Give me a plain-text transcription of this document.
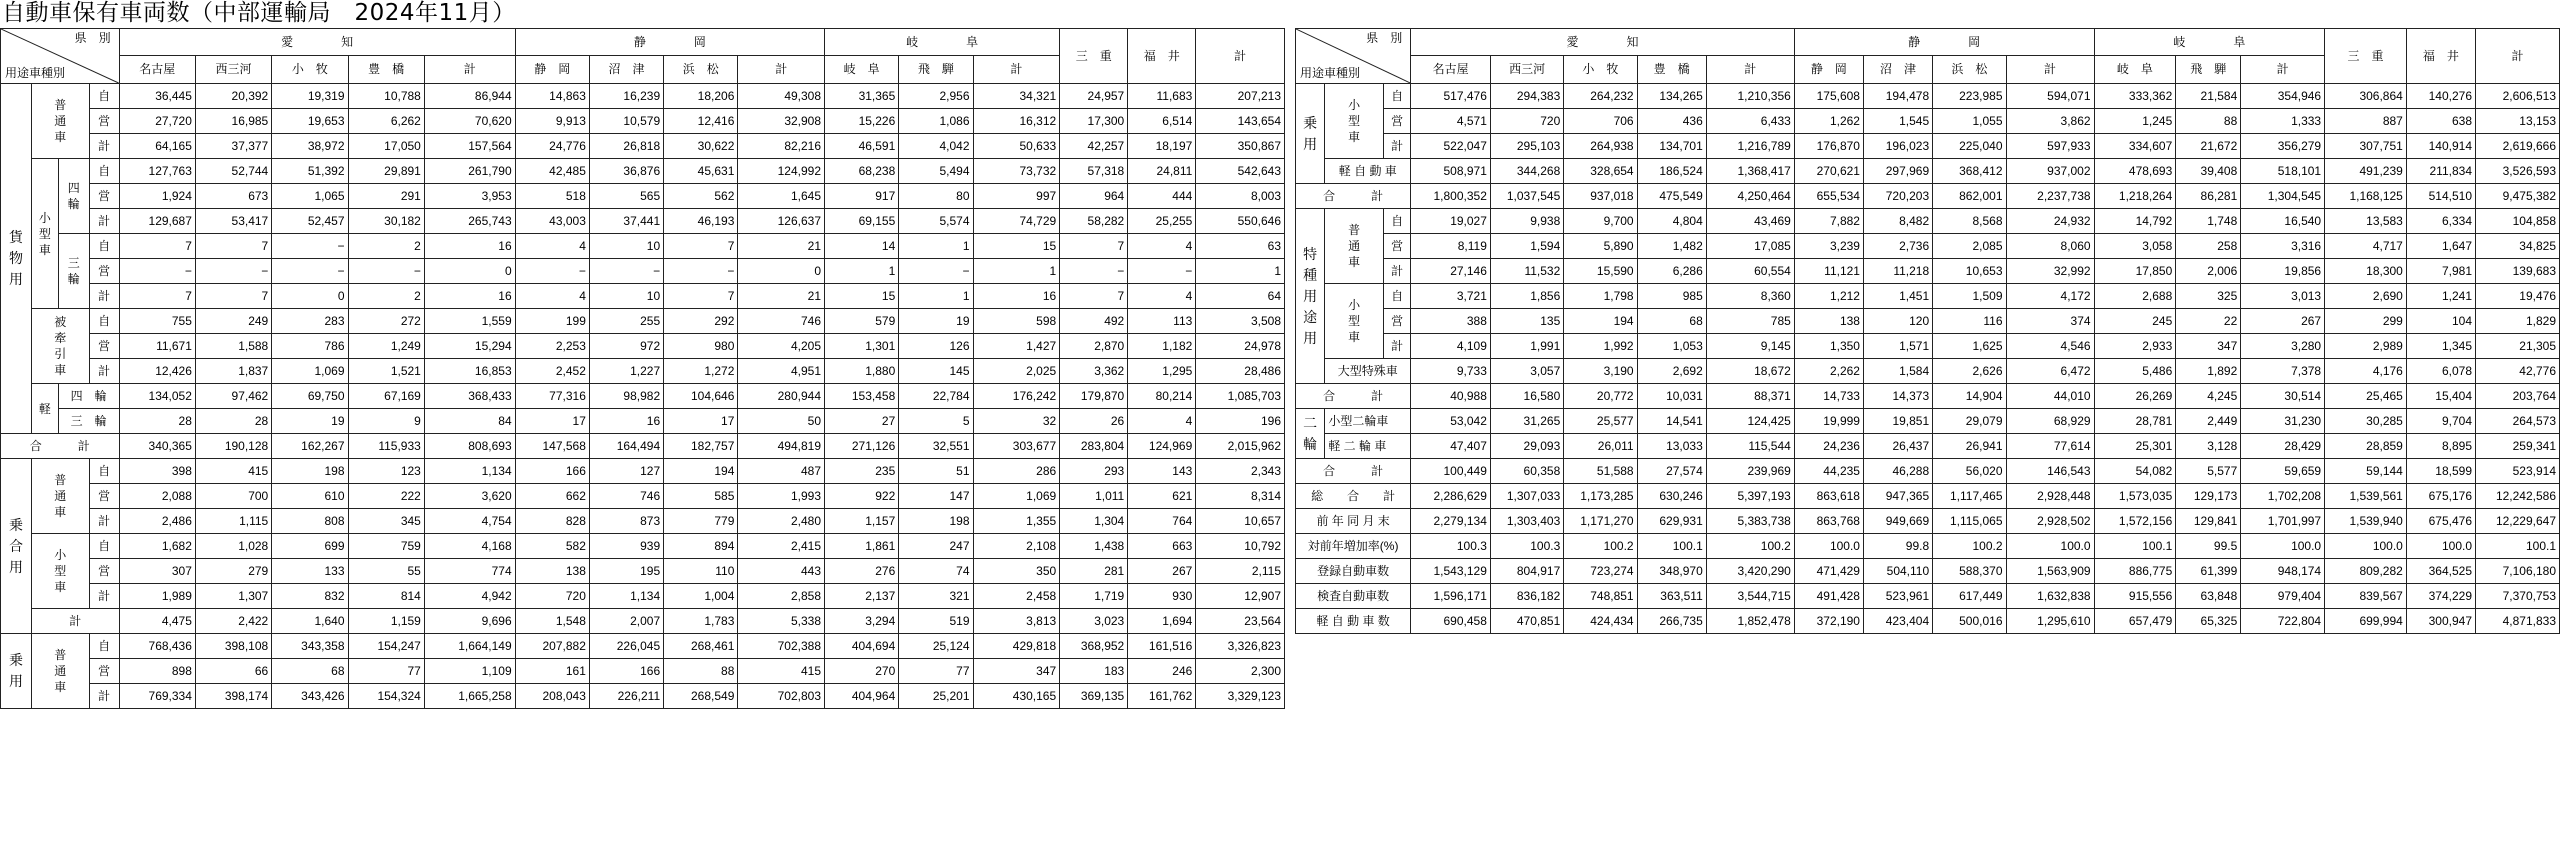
自動車保有車両数（中部運輸局　2024年11月）
県　別
用途車種別				愛　　　　知					静　　　　岡				岐　　　　阜			三　重	福　井	計
				名古屋	西三河	小　牧	豊　橋	計	静　岡	沼　津	浜　松	計	岐　阜	飛　騨	計			

貨物用	普通車		自	36,445	20,392	19,319	10,788	86,944	14,863	16,239	18,206	49,308	31,365	2,956	34,321	24,957	11,683	207,213
			営	27,720	16,985	19,653	6,262	70,620	9,913	10,579	12,416	32,908	15,226	1,086	16,312	17,300	6,514	143,654
			計	64,165	37,377	38,972	17,050	157,564	24,776	26,818	30,622	82,216	46,591	4,042	50,633	42,257	18,197	350,867

	小型車	四輪	自	127,763	52,744	51,392	29,891	261,790	42,485	36,876	45,631	124,992	68,238	5,494	73,732	57,318	24,811	542,643
			営	1,924	673	1,065	291	3,953	518	565	562	1,645	917	80	997	964	444	8,003
			計	129,687	53,417	52,457	30,182	265,743	43,003	37,441	46,193	126,637	69,155	5,574	74,729	58,282	25,255	550,646

		三輪	自	7	7	−	2	16	4	10	7	21	14	1	15	7	4	63
			営	−	−	−	−	0	−	−	−	0	1	−	1	−	−	1
			計	7	7	0	2	16	4	10	7	21	15	1	16	7	4	64

	被牽引車		自	755	249	283	272	1,559	199	255	292	746	579	19	598	492	113	3,508
			営	11,671	1,588	786	1,249	15,294	2,253	972	980	4,205	1,301	126	1,427	2,870	1,182	24,978
			計	12,426	1,837	1,069	1,521	16,853	2,452	1,227	1,272	4,951	1,880	145	2,025	3,362	1,295	28,486

	軽	四　輪		134,052	97,462	69,750	67,169	368,433	77,316	98,982	104,646	280,944	153,458	22,784	176,242	179,870	80,214	1,085,703
		三　輪		28	28	19	9	84	17	16	17	50	27	5	32	26	4	196
合　　　計				340,365	190,128	162,267	115,933	808,693	147,568	164,494	182,757	494,819	271,126	32,551	303,677	283,804	124,969	2,015,962

乗合用	普通車		自	398	415	198	123	1,134	166	127	194	487	235	51	286	293	143	2,343
			営	2,088	700	610	222	3,620	662	746	585	1,993	922	147	1,069	1,011	621	8,314
			計	2,486	1,115	808	345	4,754	828	873	779	2,480	1,157	198	1,355	1,304	764	10,657

	小型車		自	1,682	1,028	699	759	4,168	582	939	894	2,415	1,861	247	2,108	1,438	663	10,792
			営	307	279	133	55	774	138	195	110	443	276	74	350	281	267	2,115
			計	1,989	1,307	832	814	4,942	720	1,134	1,004	2,858	2,137	321	2,458	1,719	930	12,907
	計			4,475	2,422	1,640	1,159	9,696	1,548	2,007	1,783	5,338	3,294	519	3,813	3,023	1,694	23,564

乗用	普通車		自	768,436	398,108	343,358	154,247	1,664,149	207,882	226,045	268,461	702,388	404,694	25,124	429,818	368,952	161,516	3,326,823
			営	898	66	68	77	1,109	161	166	88	415	270	77	347	183	246	2,300
			計	769,334	398,174	343,426	154,324	1,665,258	208,043	226,211	268,549	702,803	404,964	25,201	430,165	369,135	161,762	3,329,123
県　別
用途車種別			愛　　　　知					静　　　　岡				岐　　　　阜			三　重	福　井	計
			名古屋	西三河	小　牧	豊　橋	計	静　岡	沼　津	浜　松	計	岐　阜	飛　騨	計			

乗用	小型車	自	517,476	294,383	264,232	134,265	1,210,356	175,608	194,478	223,985	594,071	333,362	21,584	354,946	306,864	140,276	2,606,513
		営	4,571	720	706	436	6,433	1,262	1,545	1,055	3,862	1,245	88	1,333	887	638	13,153
		計	522,047	295,103	264,938	134,701	1,216,789	176,870	196,023	225,040	597,933	334,607	21,672	356,279	307,751	140,914	2,619,666
	軽 自 動 車		508,971	344,268	328,654	186,524	1,368,417	270,621	297,969	368,412	937,002	478,693	39,408	518,101	491,239	211,834	3,526,593
合　　　計			1,800,352	1,037,545	937,018	475,549	4,250,464	655,534	720,203	862,001	2,237,738	1,218,264	86,281	1,304,545	1,168,125	514,510	9,475,382

特種用途用	普通車	自	19,027	9,938	9,700	4,804	43,469	7,882	8,482	8,568	24,932	14,792	1,748	16,540	13,583	6,334	104,858
		営	8,119	1,594	5,890	1,482	17,085	3,239	2,736	2,085	8,060	3,058	258	3,316	4,717	1,647	34,825
		計	27,146	11,532	15,590	6,286	60,554	11,121	11,218	10,653	32,992	17,850	2,006	19,856	18,300	7,981	139,683

	小型車	自	3,721	1,856	1,798	985	8,360	1,212	1,451	1,509	4,172	2,688	325	3,013	2,690	1,241	19,476
		営	388	135	194	68	785	138	120	116	374	245	22	267	299	104	1,829
		計	4,109	1,991	1,992	1,053	9,145	1,350	1,571	1,625	4,546	2,933	347	3,280	2,989	1,345	21,305
	大型特殊車		9,733	3,057	3,190	2,692	18,672	2,262	1,584	2,626	6,472	5,486	1,892	7,378	4,176	6,078	42,776
合　　　計			40,988	16,580	20,772	10,031	88,371	14,733	14,373	14,904	44,010	26,269	4,245	30,514	25,465	15,404	203,764

二輪	小型二輪車		53,042	31,265	25,577	14,541	124,425	19,999	19,851	29,079	68,929	28,781	2,449	31,230	30,285	9,704	264,573
	軽 二 輪 車		47,407	29,093	26,011	13,033	115,544	24,236	26,437	26,941	77,614	25,301	3,128	28,429	28,859	8,895	259,341
合　　　計			100,449	60,358	51,588	27,574	239,969	44,235	46,288	56,020	146,543	54,082	5,577	59,659	59,144	18,599	523,914
総　　合　　計			2,286,629	1,307,033	1,173,285	630,246	5,397,193	863,618	947,365	1,117,465	2,928,448	1,573,035	129,173	1,702,208	1,539,561	675,176	12,242,586
前 年 同 月 末			2,279,134	1,303,403	1,171,270	629,931	5,383,738	863,768	949,669	1,115,065	2,928,502	1,572,156	129,841	1,701,997	1,539,940	675,476	12,229,647
対前年増加率(%)			100.3	100.3	100.2	100.1	100.2	100.0	99.8	100.2	100.0	100.1	99.5	100.0	100.0	100.0	100.1
登録自動車数			1,543,129	804,917	723,274	348,970	3,420,290	471,429	504,110	588,370	1,563,909	886,775	61,399	948,174	809,282	364,525	7,106,180
検査自動車数			1,596,171	836,182	748,851	363,511	3,544,715	491,428	523,961	617,449	1,632,838	915,556	63,848	979,404	839,567	374,229	7,370,753
軽 自 動 車 数			690,458	470,851	424,434	266,735	1,852,478	372,190	423,404	500,016	1,295,610	657,479	65,325	722,804	699,994	300,947	4,871,833
